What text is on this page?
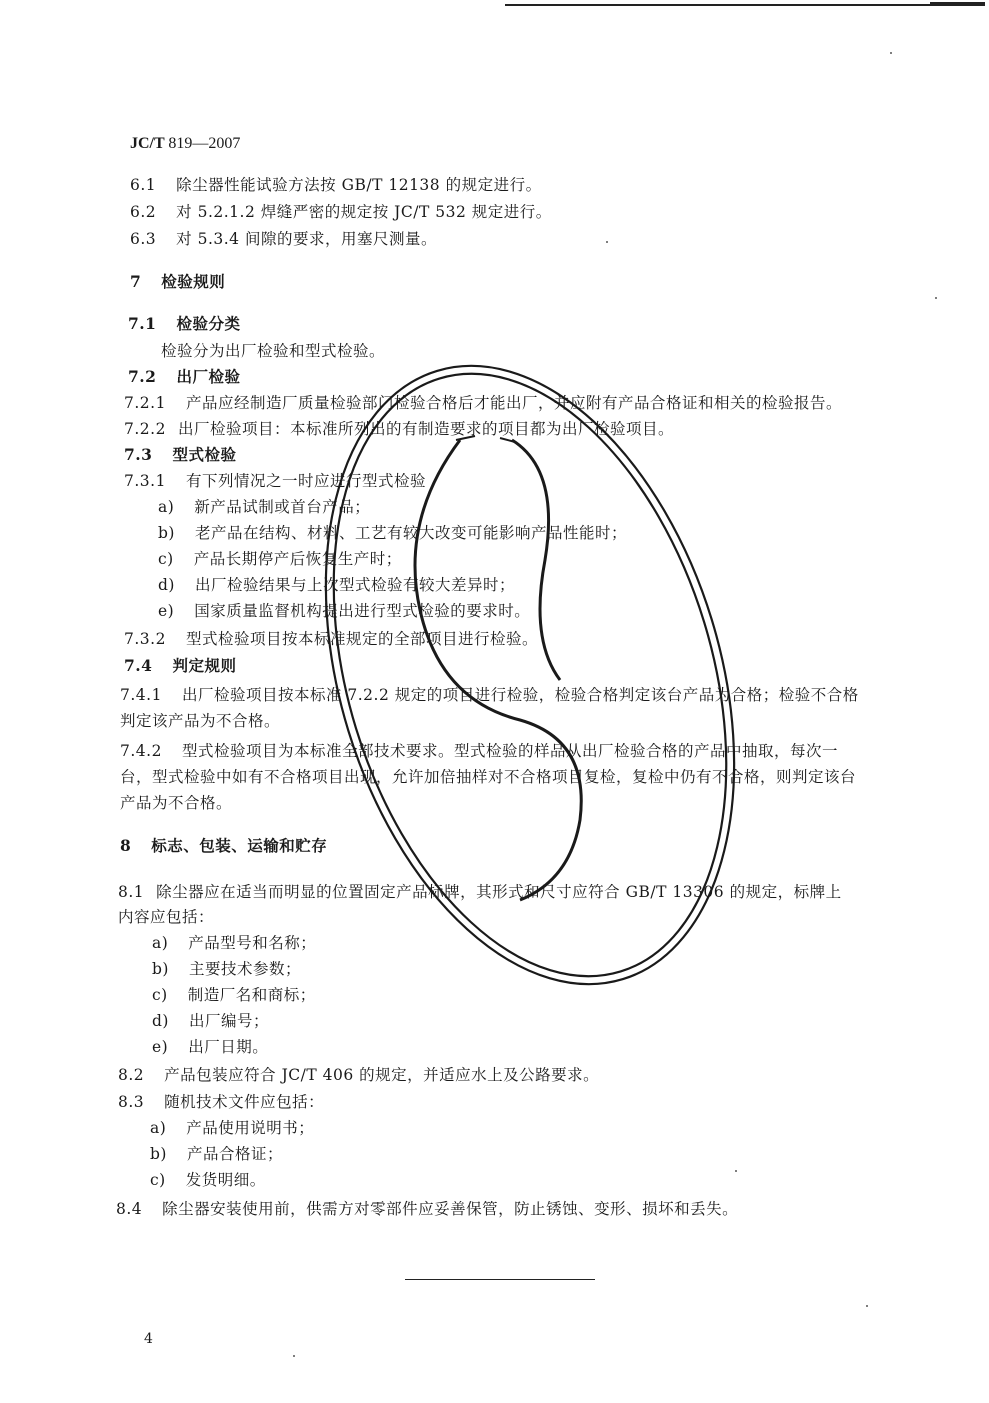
JC/T 819—2007
6.1 除尘器性能试验方法按 GB/T 12138 的规定进行。
6.2 对 5.2.1.2 焊缝严密的规定按 JC/T 532 规定进行。
6.3 对 5.3.4 间隙的要求，用塞尺测量。
7 检验规则
7.1 检验分类
检验分为出厂检验和型式检验。
7.2 出厂检验
7.2.1 产品应经制造厂质量检验部门检验合格后才能出厂，并应附有产品合格证和相关的检验报告。
7.2.2 出厂检验项目：本标准所列出的有制造要求的项目都为出厂检验项目。
7.3 型式检验
7.3.1 有下列情况之一时应进行型式检验
a) 新产品试制或首台产品；
b) 老产品在结构、材料、工艺有较大改变可能影响产品性能时；
c) 产品长期停产后恢复生产时；
d) 出厂检验结果与上次型式检验有较大差异时；
e) 国家质量监督机构提出进行型式检验的要求时。
7.3.2 型式检验项目按本标准规定的全部项目进行检验。
7.4 判定规则
7.4.1 出厂检验项目按本标准 7.2.2 规定的项目进行检验，检验合格判定该台产品为合格；检验不合格
判定该产品为不合格。
7.4.2 型式检验项目为本标准全部技术要求。型式检验的样品从出厂检验合格的产品中抽取，每次一
台，型式检验中如有不合格项目出现，允许加倍抽样对不合格项目复检，复检中仍有不合格，则判定该台
产品为不合格。
8 标志、包装、运输和贮存
8.1 除尘器应在适当而明显的位置固定产品标牌，其形式和尺寸应符合 GB/T 13306 的规定，标牌上
内容应包括：
a) 产品型号和名称；
b) 主要技术参数；
c) 制造厂名和商标；
d) 出厂编号；
e) 出厂日期。
8.2 产品包装应符合 JC/T 406 的规定，并适应水上及公路要求。
8.3 随机技术文件应包括：
a) 产品使用说明书；
b) 产品合格证；
c) 发货明细。
8.4 除尘器安装使用前，供需方对零部件应妥善保管，防止锈蚀、变形、损坏和丢失。
4
